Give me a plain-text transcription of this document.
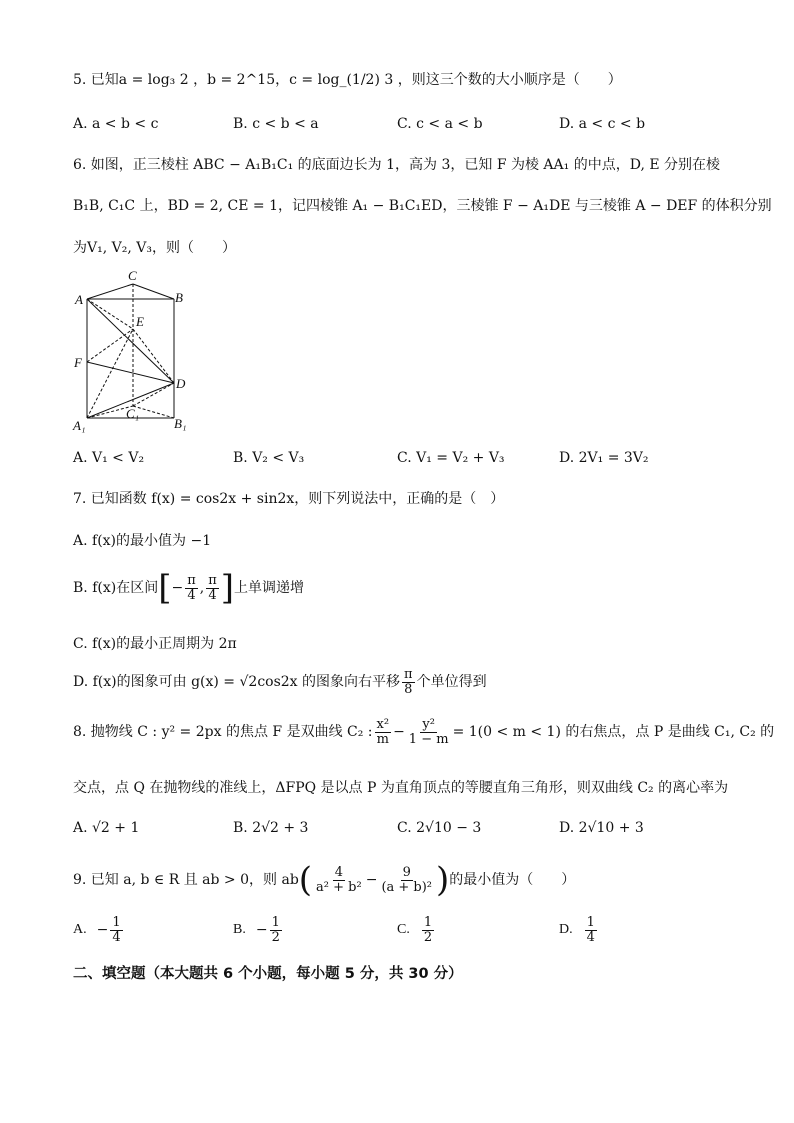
5. 已知a = log₃ 2 ，b = 2^15，c = log_(1/2) 3 ，则这三个数的大小顺序是（　　）
A. a < b < c	B. c < b < a	C. c < a < b	D. a < c < b
6. 如图，正三棱柱 ABC − A₁B₁C₁ 的底面边长为 1，高为 3，已知 F 为棱 AA₁ 的中点，D, E 分别在棱
B₁B, C₁C 上，BD = 2, CE = 1，记四棱锥 A₁ − B₁C₁ED，三棱锥 F − A₁DE 与三棱锥 A − DEF 的体积分别
为V₁, V₂, V₃，则（　　）
C
A	B
E
F
D
C₁
A₁	B₁
A. V₁ < V₂	B. V₂ < V₃	C. V₁ = V₂ + V₃	D. 2V₁ = 3V₂
7. 已知函数 f(x) = cos2x + sin2x，则下列说法中，正确的是（　）
A. f(x)的最小值为 −1
B. f(x)在区间 [ − $\frac{\pi}{4}$ , $\frac{\pi}{4}$ ] 上单调递增
C. f(x)的最小正周期为 2π
D. f(x)的图象可由 g(x) = √2cos2x 的图象向右平移 $\frac{\pi}{8}$ 个单位得到
8. 抛物线 C : y² = 2px 的焦点 F 是双曲线 C₂ : $\frac{\text{x²}}{m} - \frac{\text{y²}}{1 - m} = 1(0 < m < 1)$ 的右焦点，点 P 是曲线 C₁, C₂ 的
交点，点 Q 在抛物线的准线上，ΔFPQ 是以点 P 为直角顶点的等腰直角三角形，则双曲线 C₂ 的离心率为
A. √2 + 1	B. 2√2 + 3	C. 2√10 − 3	D. 2√10 + 3
9. 已知 a, b ∈ R 且 ab > 0，则 ab ( $\frac{4}{\text{a² + b²}} - \frac{9}{\text{(a + b)²}}$ ) 的最小值为（　　）
A. − $\frac{1}{4}$	B. − $\frac{1}{2}$	C. $\frac{1}{2}$	D. $\frac{1}{4}$
二、填空题（本大题共 6 个小题，每小题 5 分，共 30 分）
